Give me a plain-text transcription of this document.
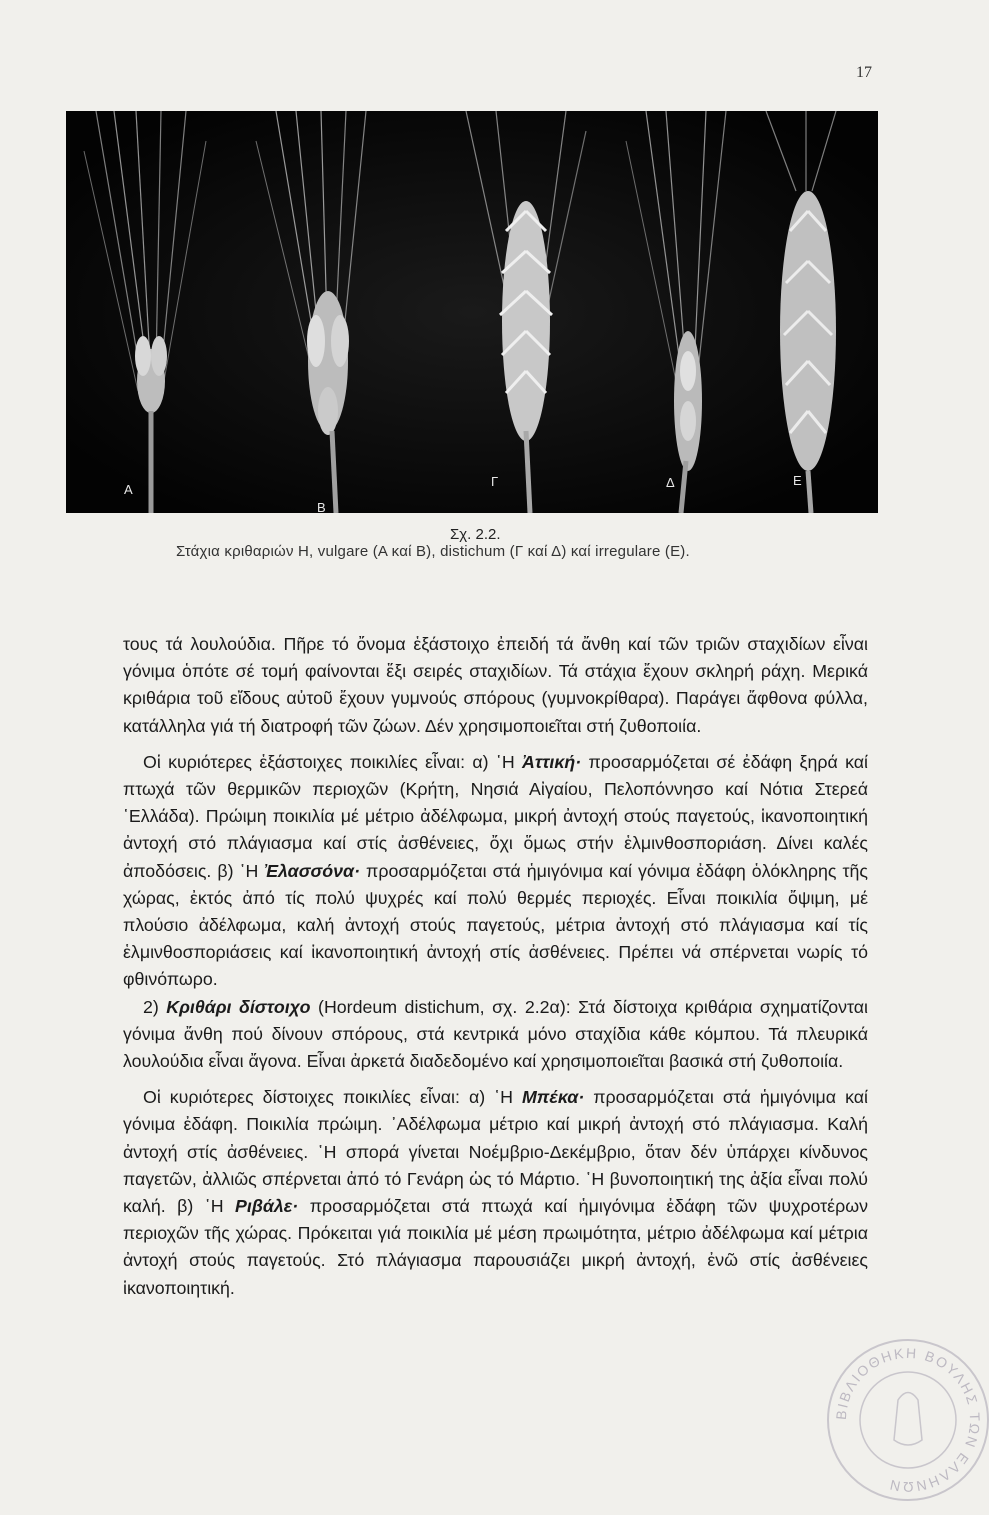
17
A
B
Γ	Δ	E
Σχ. 2.2.
Στάχια κριθαριών Η, vulgare (Α καί Β), distichum (Γ καί Δ) καί irregulare (Ε).

τους τά λουλούδια. Πῆρε τό ὄνομα ἑξάστοιχο ἐπειδή τά ἄνθη καί τῶν τριῶν σταχιδίων εἶναι γόνιμα ὁπότε σέ τομή φαίνονται ἕξι σειρές σταχιδίων. Τά στάχια ἔχουν σκληρή ράχη. Μερικά κριθάρια τοῦ εἴδους αὐτοῦ ἔχουν γυμνούς σπόρους (γυμνοκρίθαρα). Παράγει ἄφθονα φύλλα, κατάλληλα γιά τή διατροφή τῶν ζώων. Δέν χρησιμοποιεῖται στή ζυθοποιία.

Οἱ κυριότερες ἑξάστοιχες ποικιλίες εἶναι: α) ῾Η Ἀττική· προσαρμόζεται σέ ἐδάφη ξηρά καί πτωχά τῶν θερμικῶν περιοχῶν (Κρήτη, Νησιά Αἰγαίου, Πελοπόννησο καί Νότια Στερεά ῾Ελλάδα). Πρώιμη ποικιλία μέ μέτριο ἀδέλφωμα, μικρή ἀντοχή στούς παγετούς, ἱκανοποιητική ἀντοχή στό πλάγιασμα καί στίς ἀσθένειες, ὄχι ὅμως στήν ἑλμινθοσποριάση. Δίνει καλές ἀποδόσεις. β) ῾Η Ἐλασσόνα· προσαρμόζεται στά ἡμιγόνιμα καί γόνιμα ἐδάφη ὁλόκληρης τῆς χώρας, ἐκτός ἀπό τίς πολύ ψυχρές καί πολύ θερμές περιοχές. Εἶναι ποικιλία ὄψιμη, μέ πλούσιο ἀδέλφωμα, καλή ἀντοχή στούς παγετούς, μέτρια ἀντοχή στό πλάγιασμα καί τίς ἑλμινθοσποριάσεις καί ἱκανοποιητική ἀντοχή στίς ἀσθένειες. Πρέπει νά σπέρνεται νωρίς τό φθινόπωρο.

2) Κριθάρι δίστοιχο (Hordeum distichum, σχ. 2.2α): Στά δίστοιχα κριθάρια σχηματίζονται γόνιμα ἄνθη πού δίνουν σπόρους, στά κεντρικά μόνο σταχίδια κάθε κόμπου. Τά πλευρικά λουλούδια εἶναι ἄγονα. Εἶναι ἀρκετά διαδεδομένο καί χρησιμοποιεῖται βασικά στή ζυθοποιία.

Οἱ κυριότερες δίστοιχες ποικιλίες εἶναι: α) ῾Η Μπέκα· προσαρμόζεται στά ἡμιγόνιμα καί γόνιμα ἐδάφη. Ποικιλία πρώιμη. ᾿Αδέλφωμα μέτριο καί μικρή ἀντοχή στό πλάγιασμα. Καλή ἀντοχή στίς ἀσθένειες. ῾Η σπορά γίνεται Νοέμβριο-Δεκέμβριο, ὅταν δέν ὑπάρχει κίνδυνος παγετῶν, ἀλλιῶς σπέρνεται ἀπό τό Γενάρη ὡς τό Μάρτιο. ῾Η βυνοποιητική της ἀξία εἶναι πολύ καλή. β) ῾Η Ριβάλε· προσαρμόζεται στά πτωχά καί ἡμιγόνιμα ἐδάφη τῶν ψυχροτέρων περιοχῶν τῆς χώρας. Πρόκειται γιά ποικιλία μέ μέση πρωιμότητα, μέτριο ἀδέλφωμα καί μέτρια ἀντοχή στούς παγετούς. Στό πλάγιασμα παρουσιάζει μικρή ἀντοχή, ἐνῶ στίς ἀσθένειες ἱκανοποιητική.

ΒΙΒΛΙΟΘΗΚΗ ΒΟΥΛΗΣ ΤΩΝ ΕΛΛΗΝΩΝ
